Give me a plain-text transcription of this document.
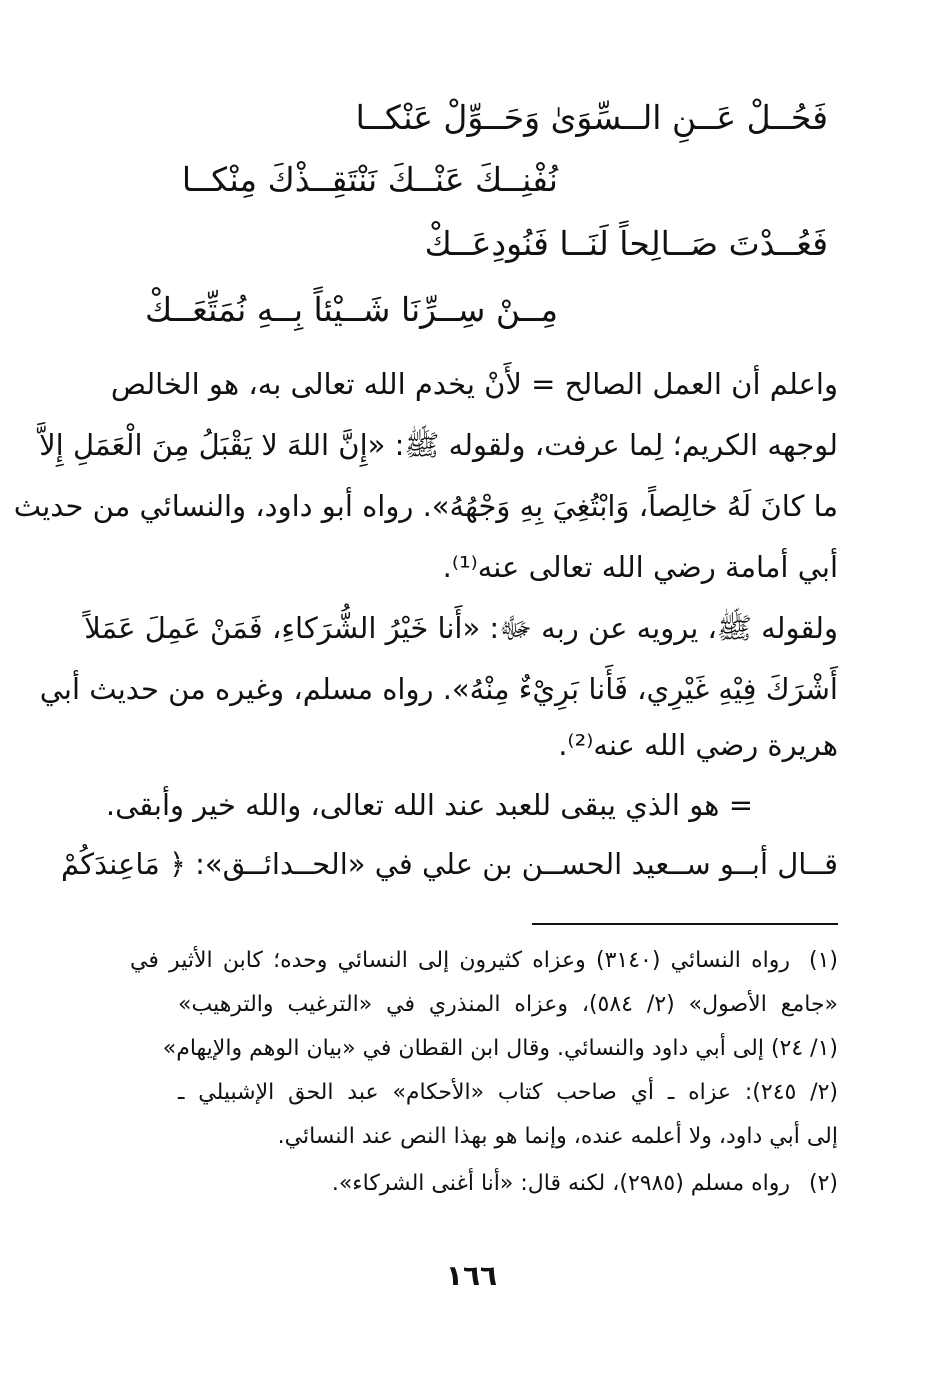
فَحُــلْ عَــنِ الــسِّوَىٰ وَحَــوِّلْ عَنْكــا
نُفْنِــكَ عَنْــكَ نَنْتَقِــذْكَ مِنْكــا
فَعُــدْتَ صَــالِحاً لَنَــا فَنُودِعَــكْ
مِــنْ سِــرِّنَا شَــيْئاً بِــهِ نُمَتِّعَــكْ
واعلم أن العمل الصالح = لأَنْ يخدم الله تعالى به، هو الخالص
لوجهه الكريم؛ لِما عرفت، ولقوله ﷺ: «إِنَّ اللهَ لا يَقْبَلُ مِنَ الْعَمَلِ إِلاَّ
ما كانَ لَهُ خالِصاً، وَابْتُغِيَ بِهِ وَجْهُهُ». رواه أبو داود، والنسائي من حديث
أبي أمامة رضي الله تعالى عنه⁽¹⁾.
ولقوله ﷺ، يرويه عن ربه ﷻ: «أَنا خَيْرُ الشُّرَكاءِ، فَمَنْ عَمِلَ عَمَلاً
أَشْرَكَ فِيْهِ غَيْرِي، فَأَنا بَرِيْءٌ مِنْهُ». رواه مسلم، وغيره من حديث أبي
هريرة رضي الله عنه⁽²⁾.
= هو الذي يبقى للعبد عند الله تعالى، والله خير وأبقى.
قــال أبــو ســعيد الحســن بن علي في «الحــدائــق»: ﴿ مَاعِندَكُمْ
(١)رواه النسائي (٣١٤٠) وعزاه كثيرون إلى النسائي وحده؛ كابن الأثير في
«جامع الأصول» (٢/ ٥٨٤)، وعزاه المنذري في «الترغيب والترهيب»
(١/ ٢٤) إلى أبي داود والنسائي. وقال ابن القطان في «بيان الوهم والإيهام»
(٢/ ٢٤٥): عزاه ـ أي صاحب كتاب «الأحكام» عبد الحق الإشبيلي ـ
إلى أبي داود، ولا أعلمه عنده، وإنما هو بهذا النص عند النسائي.
(٢)رواه مسلم (٢٩٨٥)، لكنه قال: «أنا أغنى الشركاء».
١٦٦
